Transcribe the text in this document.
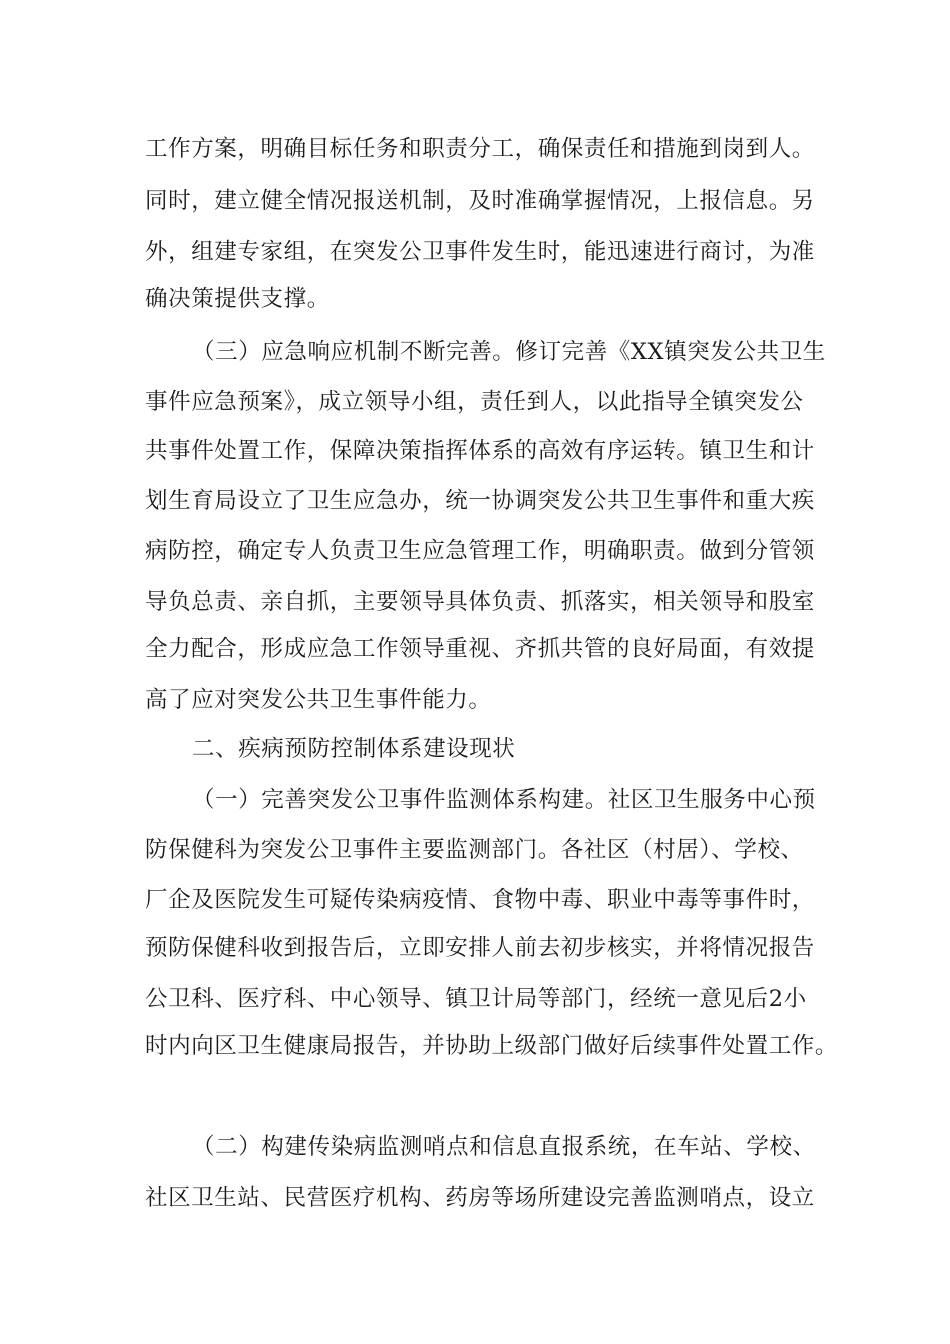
工作方案，明确目标任务和职责分工，确保责任和措施到岗到人。
同时，建立健全情况报送机制，及时准确掌握情况，上报信息。另
外，组建专家组，在突发公卫事件发生时，能迅速进行商讨，为准
确决策提供支撑。
（三）应急响应机制不断完善。修订完善《XX镇突发公共卫生
事件应急预案》，成立领导小组，责任到人，以此指导全镇突发公
共事件处置工作，保障决策指挥体系的高效有序运转。镇卫生和计
划生育局设立了卫生应急办，统一协调突发公共卫生事件和重大疾
病防控，确定专人负责卫生应急管理工作，明确职责。做到分管领
导负总责、亲自抓，主要领导具体负责、抓落实，相关领导和股室
全力配合，形成应急工作领导重视、齐抓共管的良好局面，有效提
高了应对突发公共卫生事件能力。
二、疾病预防控制体系建设现状
（一）完善突发公卫事件监测体系构建。社区卫生服务中心预
防保健科为突发公卫事件主要监测部门。各社区（村居）、学校、
厂企及医院发生可疑传染病疫情、食物中毒、职业中毒等事件时，
预防保健科收到报告后，立即安排人前去初步核实，并将情况报告
公卫科、医疗科、中心领导、镇卫计局等部门，经统一意见后2小
时内向区卫生健康局报告，并协助上级部门做好后续事件处置工作。
（二）构建传染病监测哨点和信息直报系统，在车站、学校、
社区卫生站、民营医疗机构、药房等场所建设完善监测哨点，设立
